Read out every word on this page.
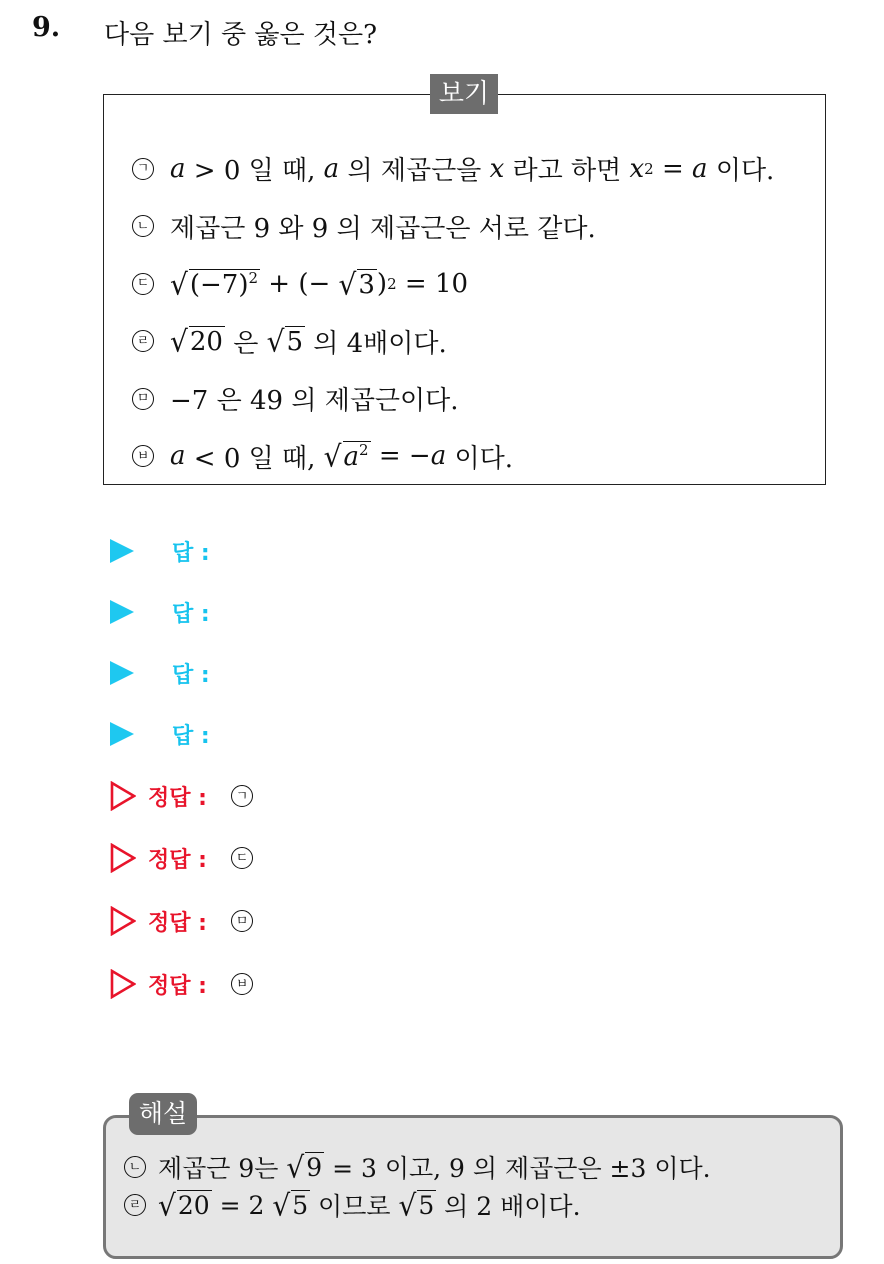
9. 다음 보기 중 옳은 것은?
보기
ㄱ a > 0 일 때, a 의 제곱근을 x 라고 하면 x 2 = a 이다.
ㄴ 제곱근 9 와 9 의 제곱근은 서로 같다.
ㄷ √ $(-7)^2$ + (− √ 3 ) 2 = 10
ㄹ √ 20 은 √ 5 의 4배이다.
ㅁ −7 은 49 의 제곱근이다.
ㅂ a < 0 일 때, √ $a^2$ = − a 이다.
답 :
답 :
답 :
답 :
정답 :	ㄱ
정답 :	ㄷ
정답 :	ㅁ
정답 :	ㅂ
해설
ㄴ 제곱근 9는 √ 9 = 3 이고, 9 의 제곱근은 ±3 이다.
ㄹ √ 20 = 2 √ 5 이므로 √ 5 의 2 배이다.
